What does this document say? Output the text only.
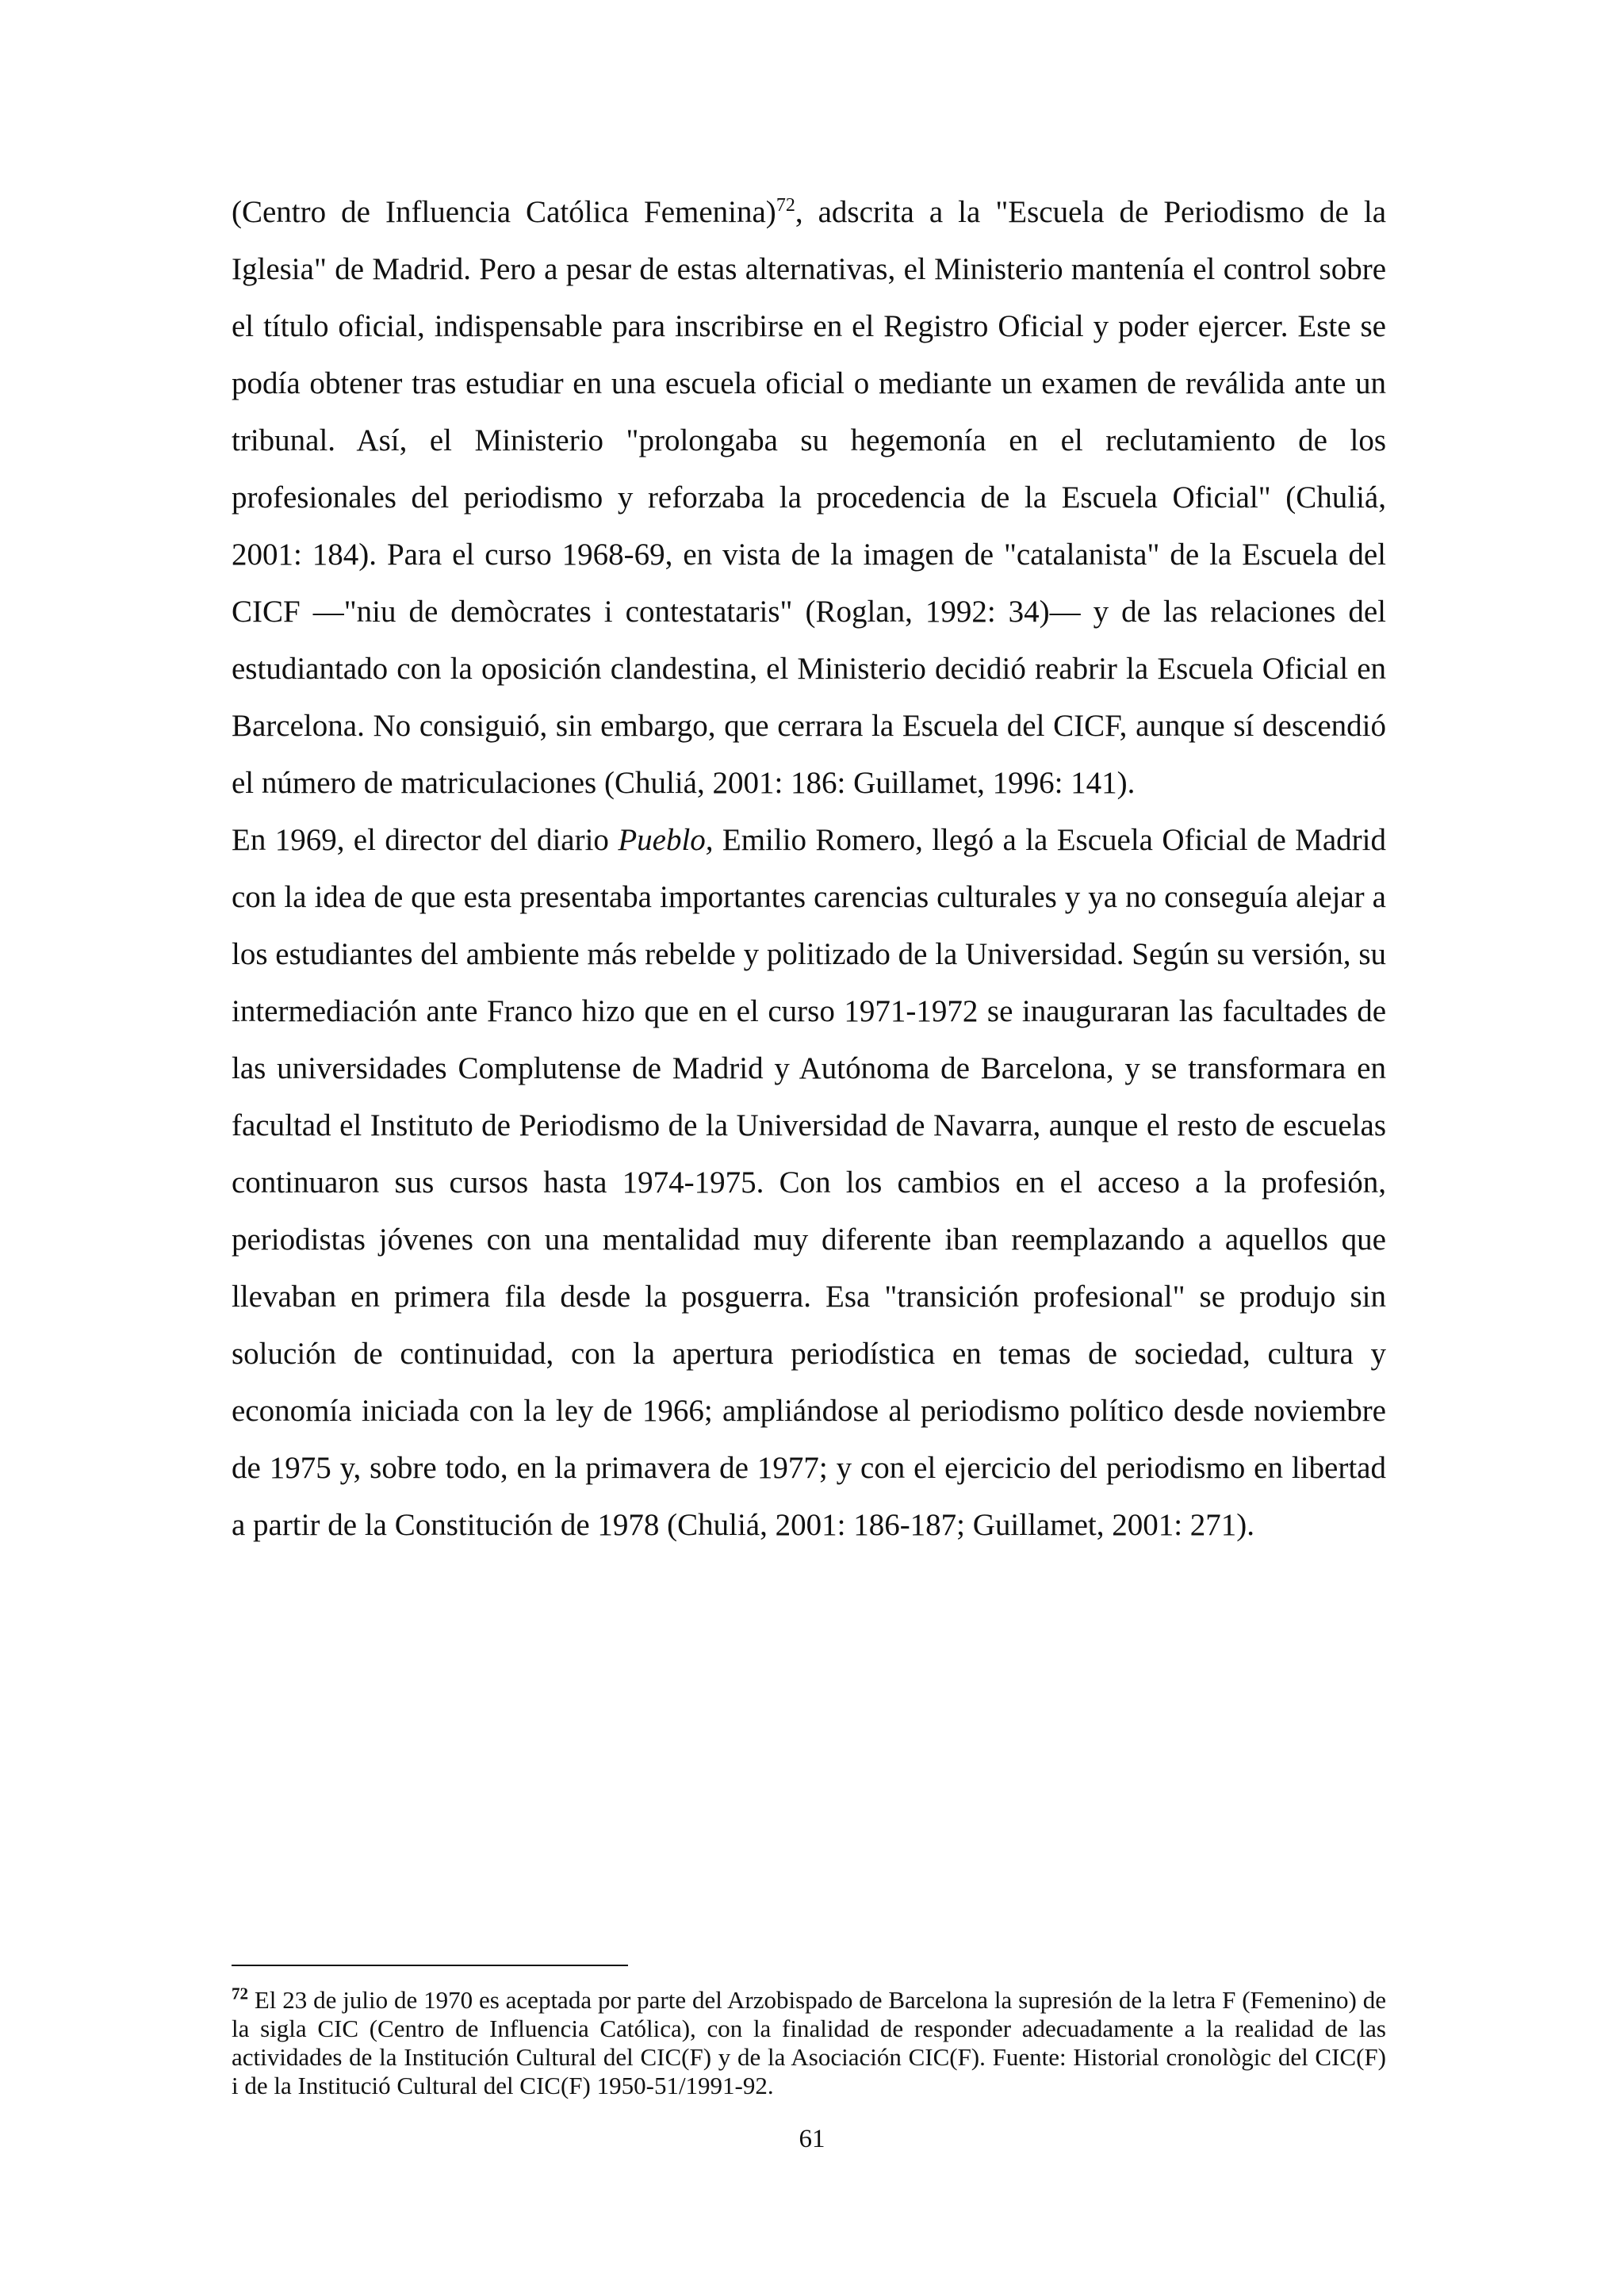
(Centro de Influencia Católica Femenina)$^{72}$, adscrita a la "Escuela de Periodismo de la Iglesia" de Madrid. Pero a pesar de estas alternativas, el Ministerio mantenía el control sobre el título oficial, indispensable para inscribirse en el Registro Oficial y poder ejercer. Este se podía obtener tras estudiar en una escuela oficial o mediante un examen de reválida ante un tribunal. Así, el Ministerio "prolongaba su hegemonía en el reclutamiento de los profesionales del periodismo y reforzaba la procedencia de la Escuela Oficial" (Chuliá, 2001: 184). Para el curso 1968-69, en vista de la imagen de "catalanista" de la Escuela del CICF —"niu de demòcrates i contestataris" (Roglan, 1992: 34)— y de las relaciones del estudiantado con la oposición clandestina, el Ministerio decidió reabrir la Escuela Oficial en Barcelona. No consiguió, sin embargo, que cerrara la Escuela del CICF, aunque sí descendió el número de matriculaciones (Chuliá, 2001: 186: Guillamet, 1996: 141).

En 1969, el director del diario Pueblo, Emilio Romero, llegó a la Escuela Oficial de Madrid con la idea de que esta presentaba importantes carencias culturales y ya no conseguía alejar a los estudiantes del ambiente más rebelde y politizado de la Universidad. Según su versión, su intermediación ante Franco hizo que en el curso 1971-1972 se inauguraran las facultades de las universidades Complutense de Madrid y Autónoma de Barcelona, y se transformara en facultad el Instituto de Periodismo de la Universidad de Navarra, aunque el resto de escuelas continuaron sus cursos hasta 1974-1975. Con los cambios en el acceso a la profesión, periodistas jóvenes con una mentalidad muy diferente iban reemplazando a aquellos que llevaban en primera fila desde la posguerra. Esa "transición profesional" se produjo sin solución de continuidad, con la apertura periodística en temas de sociedad, cultura y economía iniciada con la ley de 1966; ampliándose al periodismo político desde noviembre de 1975 y, sobre todo, en la primavera de 1977; y con el ejercicio del periodismo en libertad a partir de la Constitución de 1978 (Chuliá, 2001: 186-187; Guillamet, 2001: 271).

$^{72}$ El 23 de julio de 1970 es aceptada por parte del Arzobispado de Barcelona la supresión de la letra F (Femenino) de la sigla CIC (Centro de Influencia Católica), con la finalidad de responder adecuadamente a la realidad de las actividades de la Institución Cultural del CIC(F) y de la Asociación CIC(F). Fuente: Historial cronològic del CIC(F) i de la Institució Cultural del CIC(F) 1950-51/1991-92.
61
